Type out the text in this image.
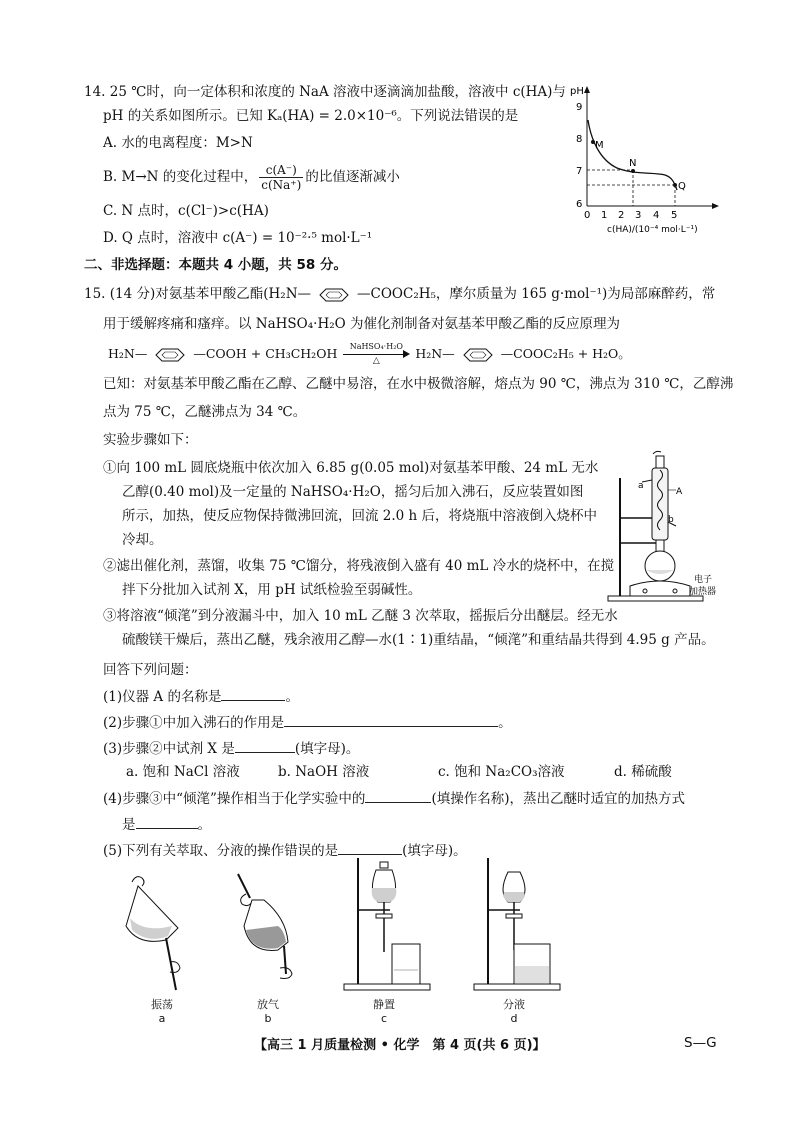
14. 25 ℃时，向一定体积和浓度的 NaA 溶液中逐滴滴加盐酸，溶液中 c(HA)与
pH 的关系如图所示。已知 Kₐ(HA) = 2.0×10⁻⁶。下列说法错误的是
A. 水的电离程度：M>N
B. M→N 的变化过程中， $\frac{c(A^-)}{c(Na^+)}$ 的比值逐渐减小
C. N 点时，c(Cl⁻)>c(HA)
D. Q 点时，溶液中 c(A⁻) = 10⁻²·⁵ mol·L⁻¹
pH
9
8
7
6
M
N
Q
0 1 2 3 4 5
c(HA)/(10⁻⁴ mol·L⁻¹)
二、非选择题：本题共 4 小题，共 58 分。
15. (14 分)对氨基苯甲酸乙酯(H₂N—	—COOC₂H₅，摩尔质量为 165 g·mol⁻¹)为局部麻醉药，常
用于缓解疼痛和瘙痒。以 NaHSO₄·H₂O 为催化剂制备对氨基苯甲酸乙酯的反应原理为
H₂N—	—COOH + CH₃CH₂OH	NaHSO₄·H₂O
△	H₂N—	—COOC₂H₅ + H₂O。
已知：对氨基苯甲酸乙酯在乙醇、乙醚中易溶，在水中极微溶解，熔点为 90 ℃，沸点为 310 ℃，乙醇沸
点为 75 ℃，乙醚沸点为 34 ℃。
实验步骤如下：
①向 100 mL 圆底烧瓶中依次加入 6.85 g(0.05 mol)对氨基苯甲酸、24 mL 无水
乙醇(0.40 mol)及一定量的 NaHSO₄·H₂O，摇匀后加入沸石，反应装置如图
所示，加热，使反应物保持微沸回流，回流 2.0 h 后，将烧瓶中溶液倒入烧杯中
冷却。
②滤出催化剂，蒸馏，收集 75 ℃馏分，将残液倒入盛有 40 mL 冷水的烧杯中，在搅
拌下分批加入试剂 X，用 pH 试纸检验至弱碱性。
③将溶液“倾滗”到分液漏斗中，加入 10 mL 乙醚 3 次萃取，摇振后分出醚层。经无水
硫酸镁干燥后，蒸出乙醚，残余液用乙醇—水(1∶1)重结晶，“倾滗”和重结晶共得到 4.95 g 产品。
a
A
b
电子
加热器
回答下列问题：
(1)仪器 A 的名称是	。
(2)步骤①中加入沸石的作用是	。
(3)步骤②中试剂 X 是	(填字母)。
a. 饱和 NaCl 溶液	b. NaOH 溶液	c. 饱和 Na₂CO₃溶液	d. 稀硫酸
(4)步骤③中“倾滗”操作相当于化学实验中的	(填操作名称)，蒸出乙醚时适宜的加热方式
是	。
(5)下列有关萃取、分液的操作错误的是	(填字母)。
振荡
a
放气
b
静置
c
分液
d
【高三 1 月质量检测 • 化学　第 4 页(共 6 页)】	S—G
